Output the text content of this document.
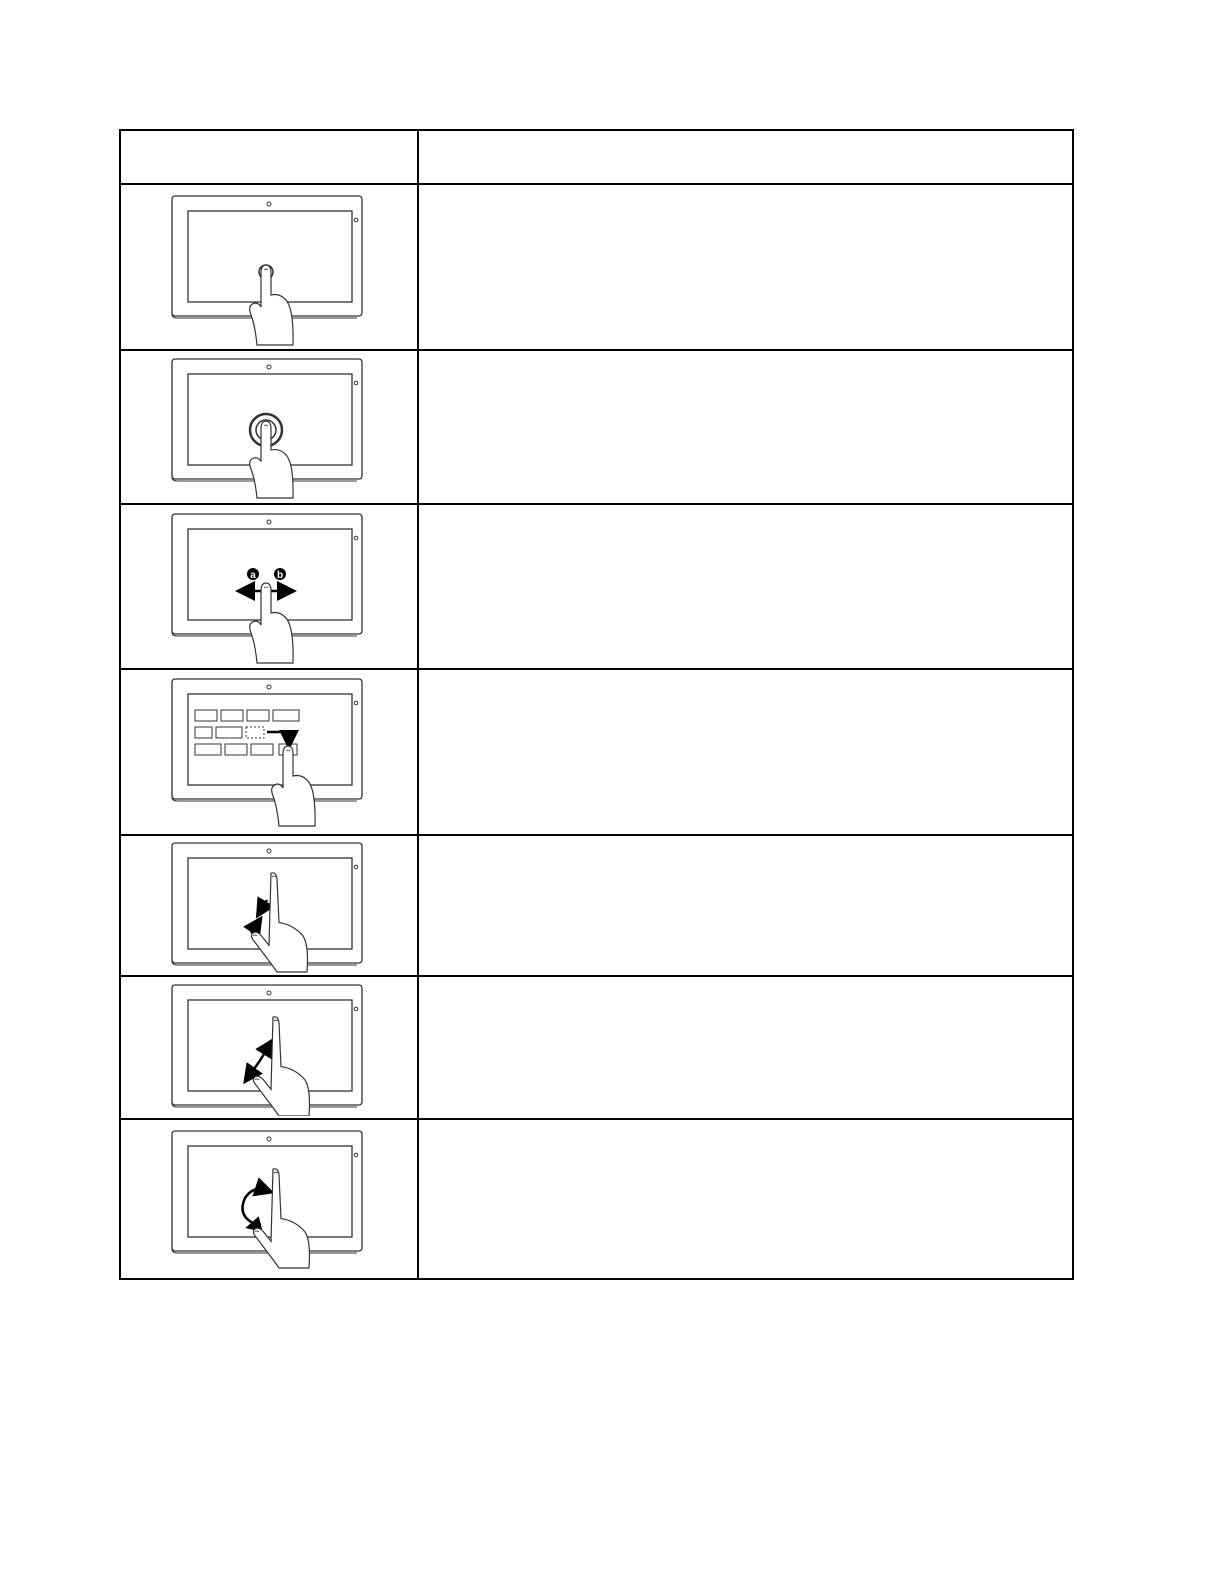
a b	
